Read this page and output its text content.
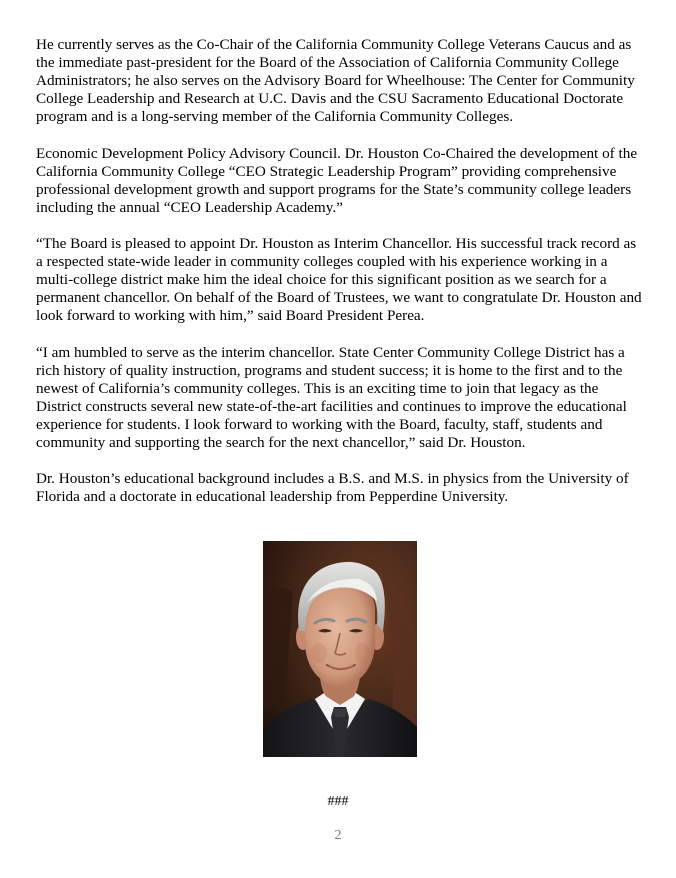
He currently serves as the Co-Chair of the California Community College Veterans Caucus and as the immediate past-president for the Board of the Association of California Community College Administrators; he also serves on the Advisory Board for Wheelhouse: The Center for Community College Leadership and Research at U.C. Davis and the CSU Sacramento Educational Doctorate program and is a long-serving member of the California Community Colleges.

Economic Development Policy Advisory Council. Dr. Houston Co-Chaired the development of the California Community College “CEO Strategic Leadership Program” providing comprehensive professional development growth and support programs for the State’s community college leaders including the annual “CEO Leadership Academy.”

“The Board is pleased to appoint Dr. Houston as Interim Chancellor. His successful track record as a respected state-wide leader in community colleges coupled with his experience working in a multi-college district make him the ideal choice for this significant position as we search for a permanent chancellor. On behalf of the Board of Trustees, we want to congratulate Dr. Houston and look forward to working with him,” said Board President Perea.

“I am humbled to serve as the interim chancellor. State Center Community College District has a rich history of quality instruction, programs and student success; it is home to the first and to the newest of California’s community colleges. This is an exciting time to join that legacy as the District constructs several new state-of-the-art facilities and continues to improve the educational experience for students. I look forward to working with the Board, faculty, staff, students and community and supporting the search for the next chancellor,” said Dr. Houston.

Dr. Houston’s educational background includes a B.S. and M.S. in physics from the University of Florida and a doctorate in educational leadership from Pepperdine University.

###
2
